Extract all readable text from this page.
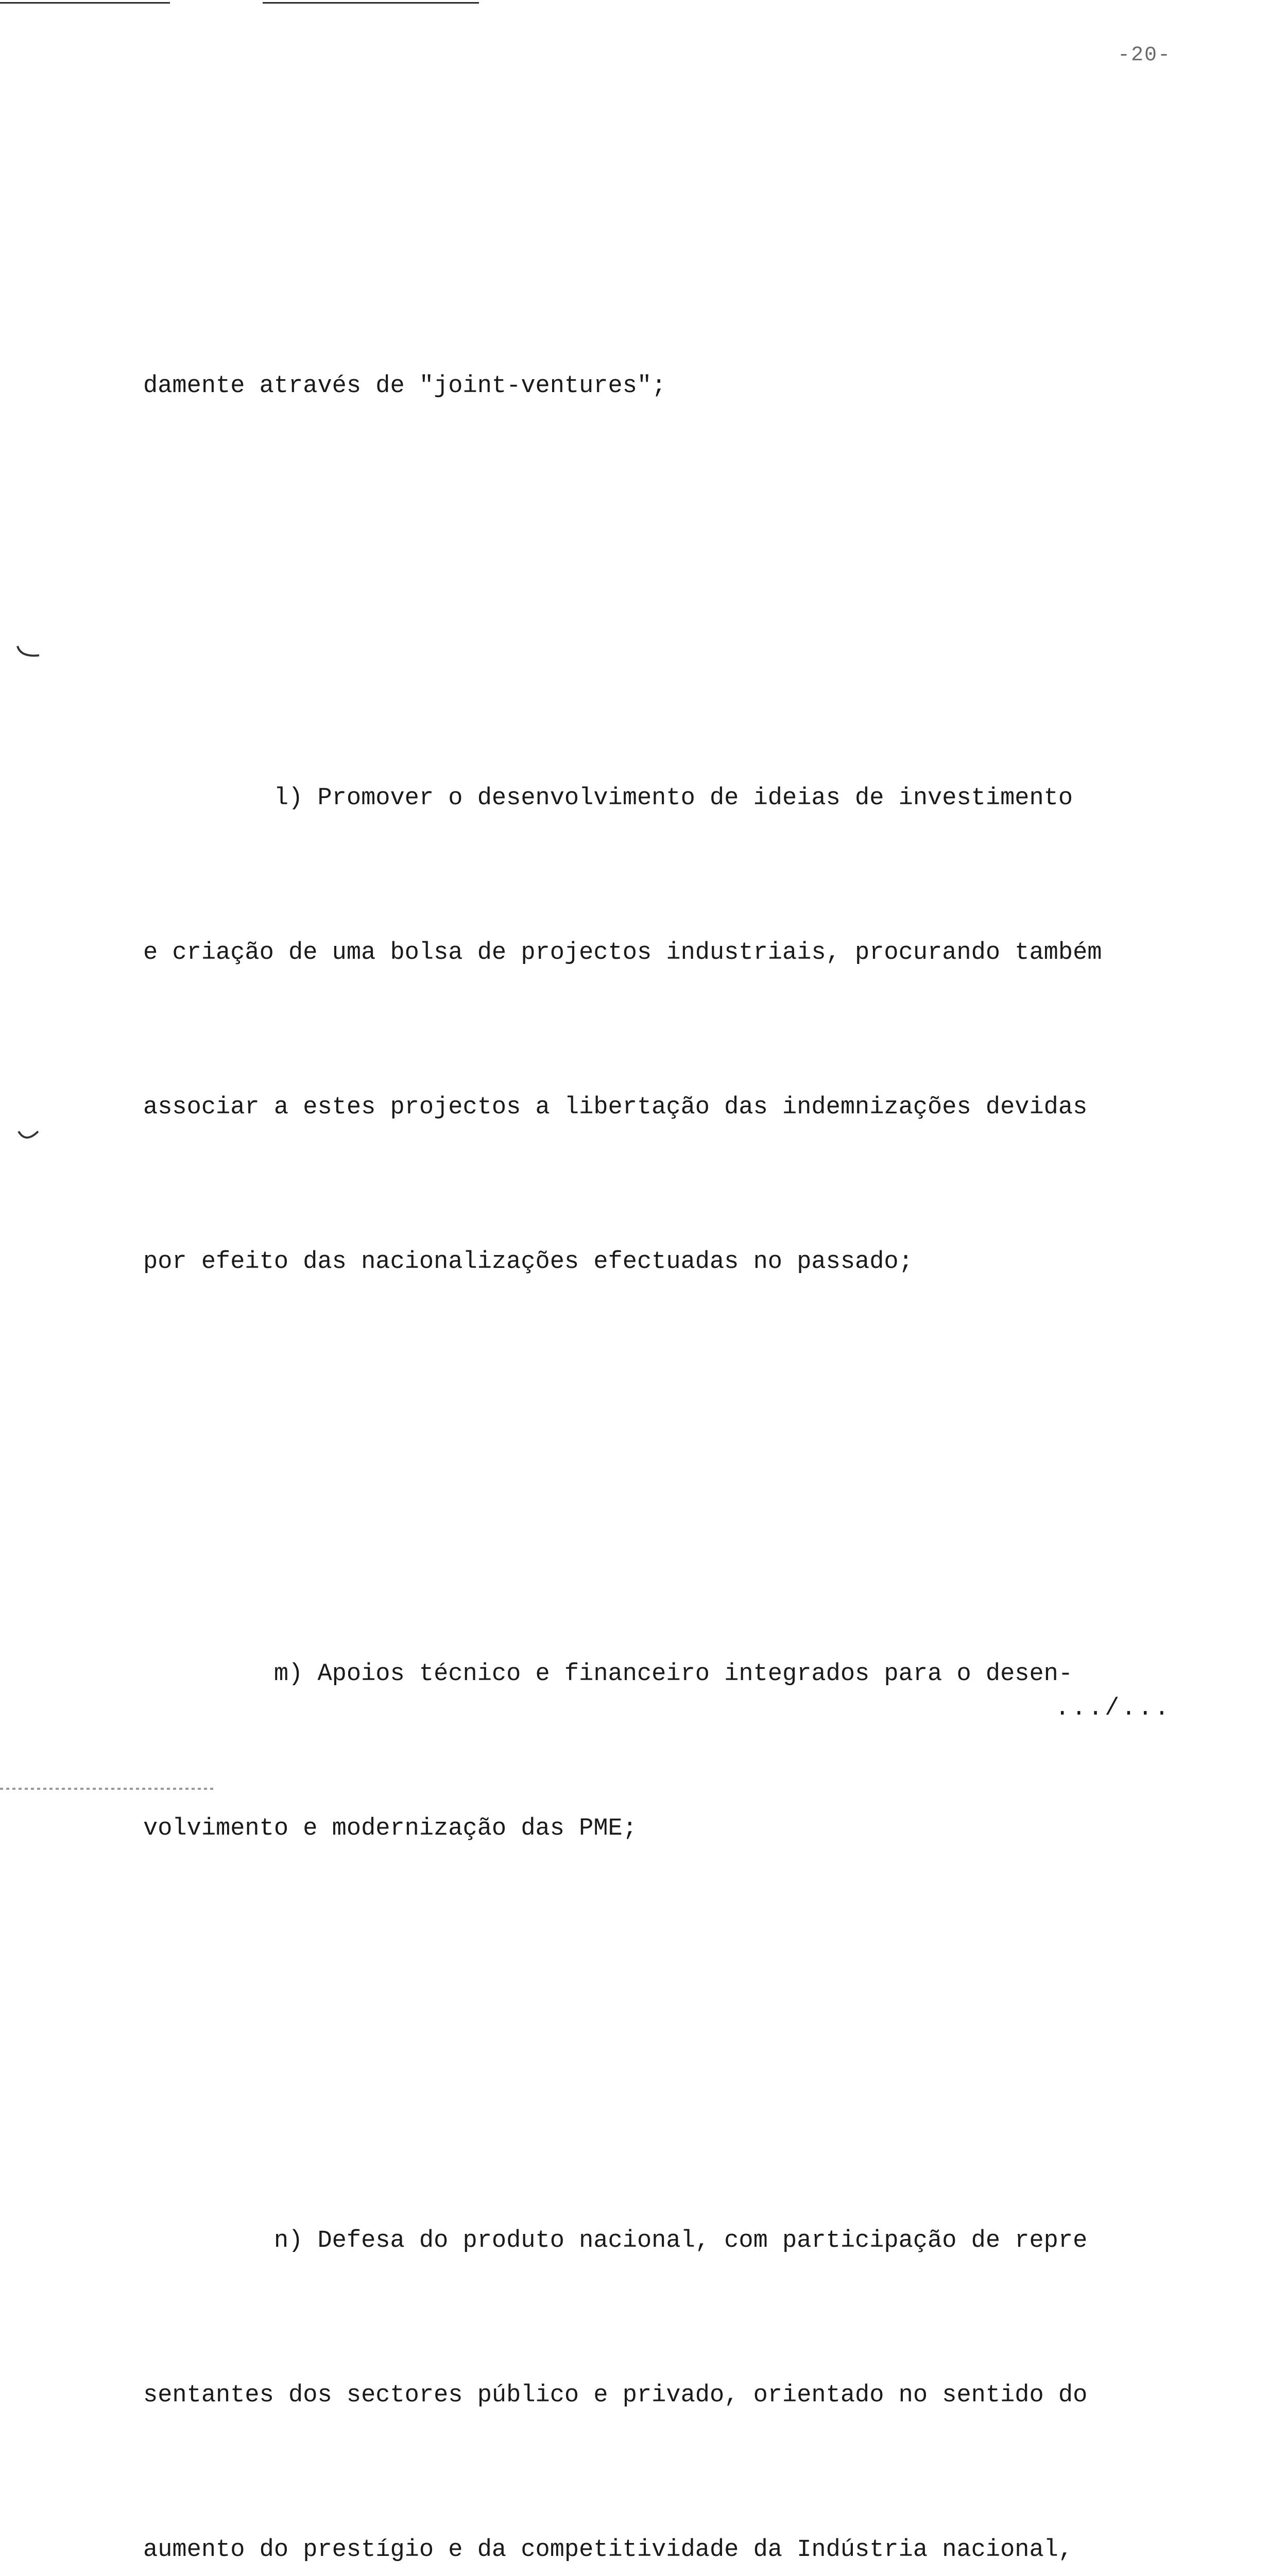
-20-

damente através de "joint-ventures";

l) Promover o desenvolvimento de ideias de investimento

e criação de uma bolsa de projectos industriais, procurando também

associar a estes projectos a libertação das indemnizações devidas

por efeito das nacionalizações efectuadas no passado;

m) Apoios técnico e financeiro integrados para o desen-

volvimento e modernização das PME;

n) Defesa do produto nacional, com participação de repre

sentantes dos sectores público e privado, orientado no sentido do

aumento do prestígio e da competitividade da Indústria nacional,

.../...
